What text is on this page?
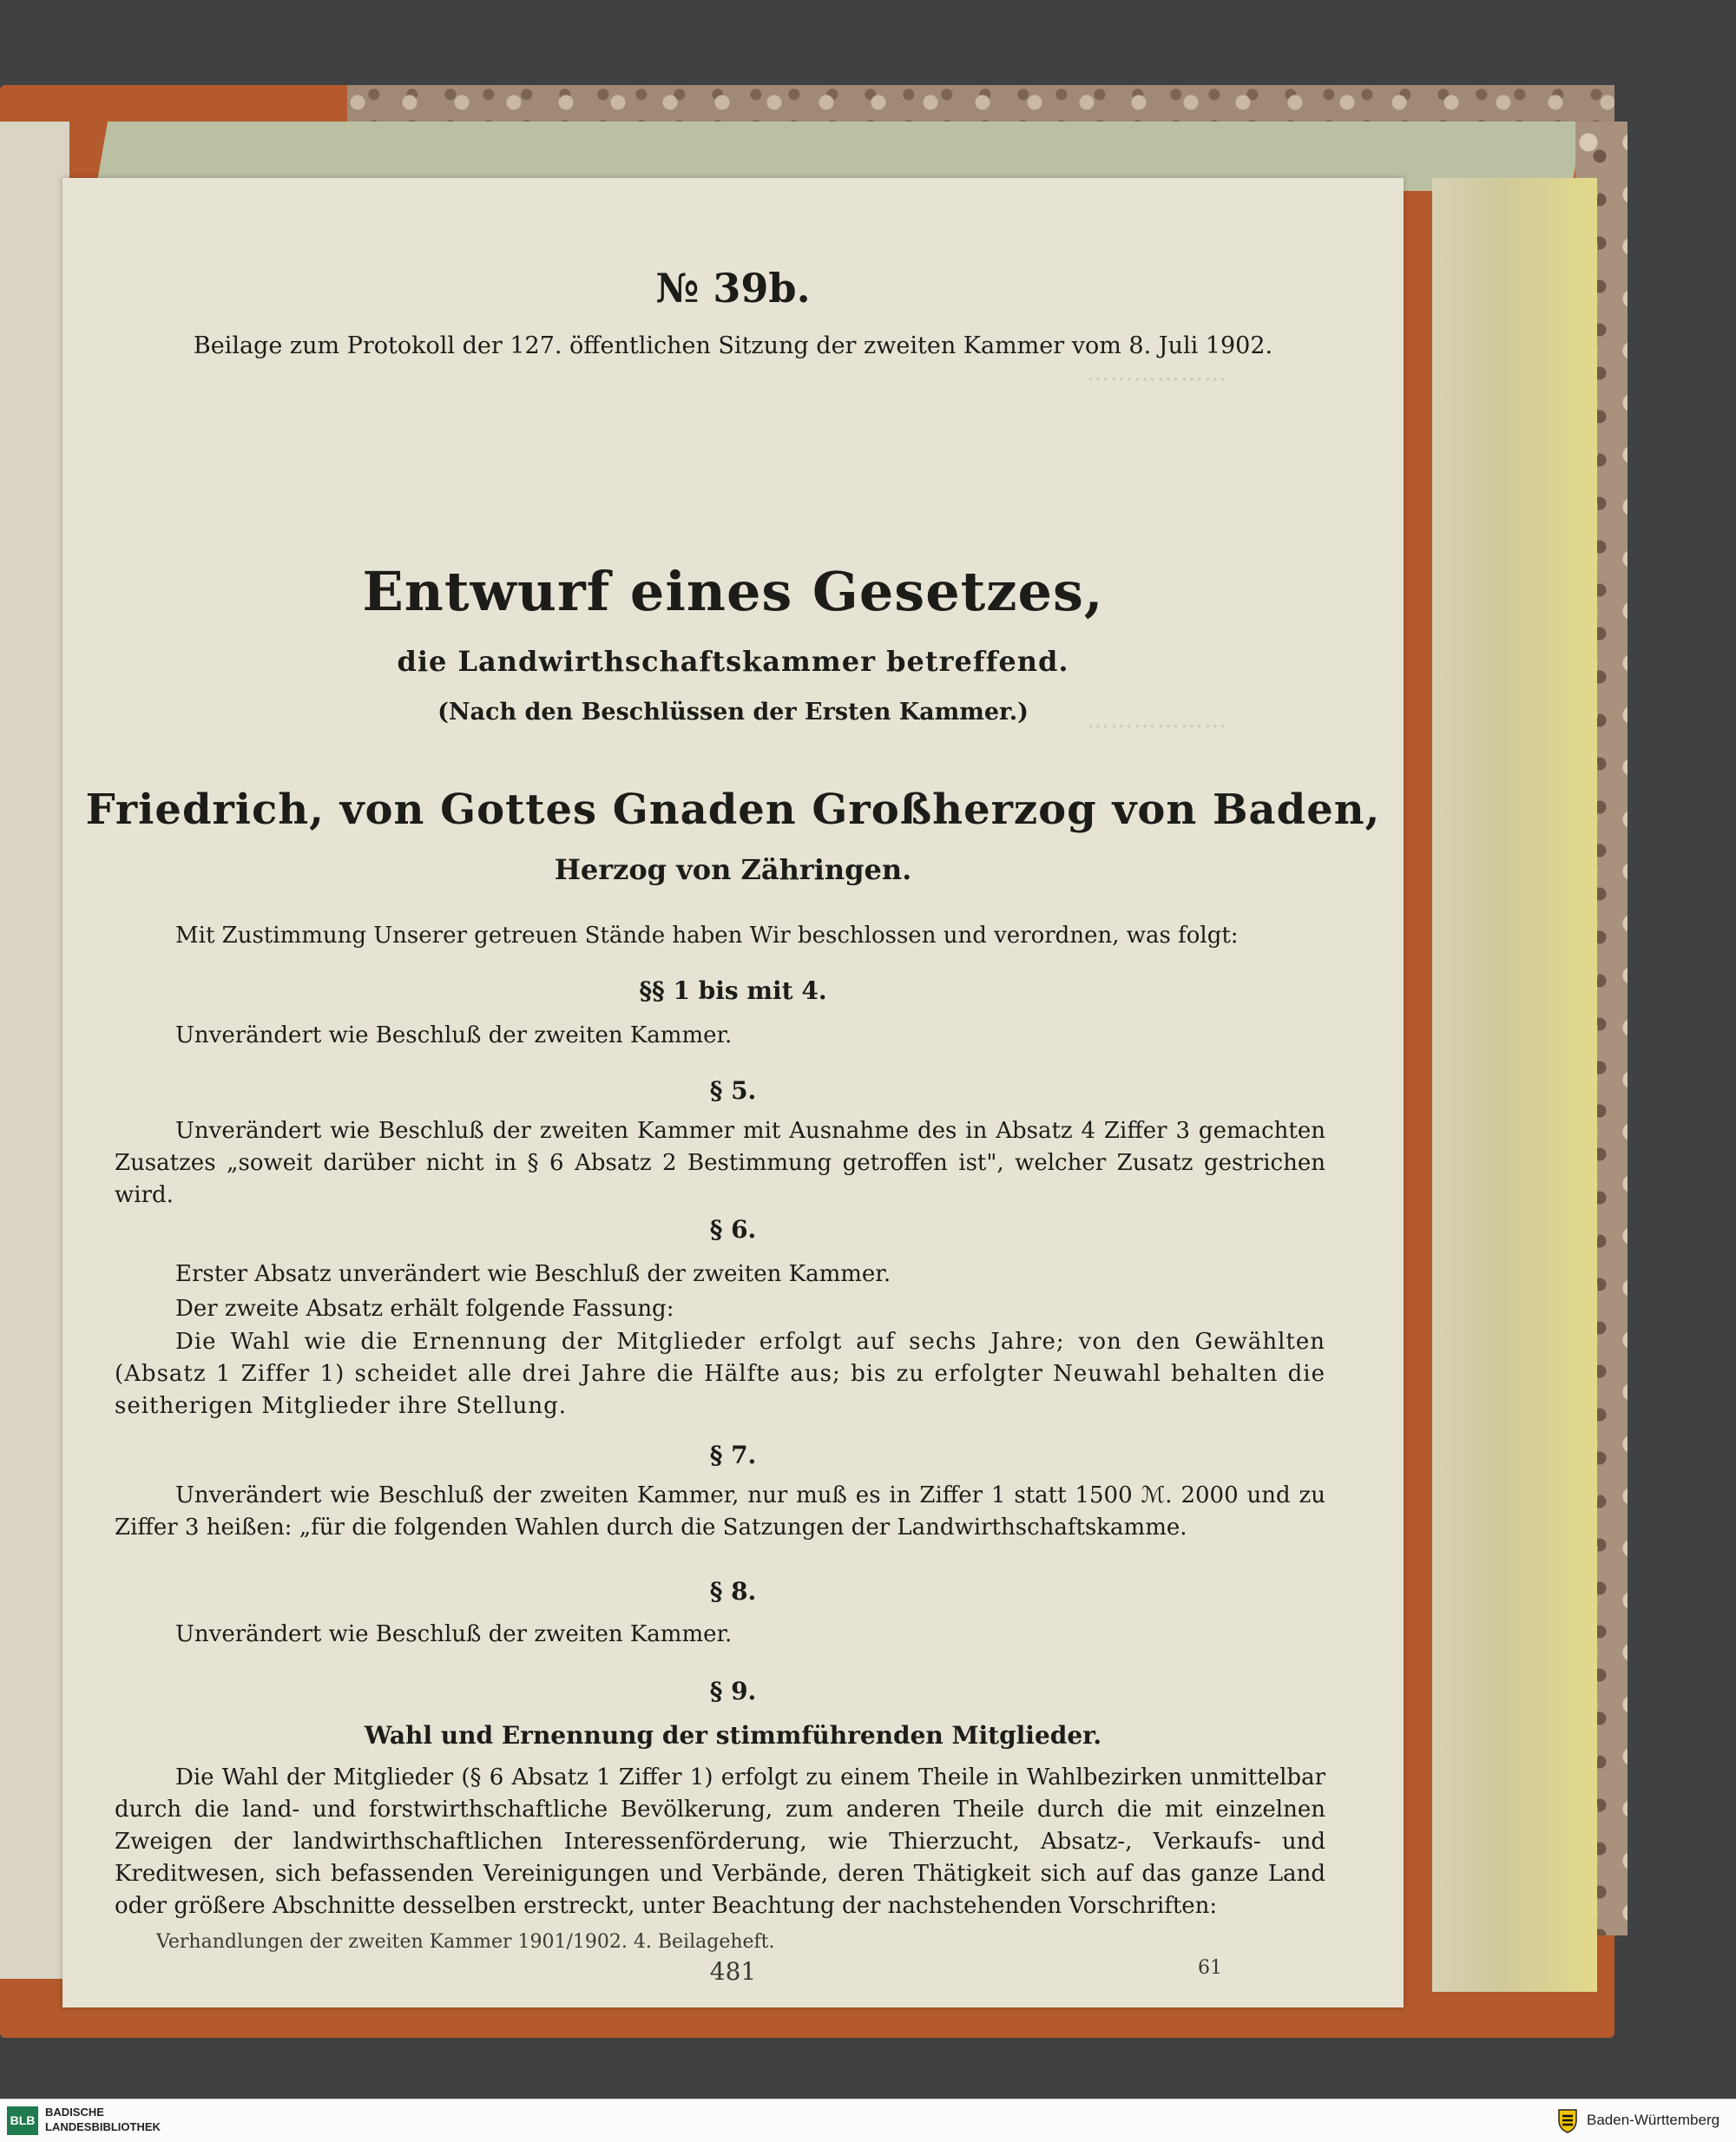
………………
………………
№ 39b.
Beilage zum Protokoll der 127. öffentlichen Sitzung der zweiten Kammer vom 8. Juli 1902.
Entwurf eines Gesetzes,
die Landwirthschaftskammer betreffend.
(Nach den Beschlüssen der Ersten Kammer.)
Friedrich, von Gottes Gnaden Großherzog von Baden,
Herzog von Zähringen.
Mit Zustimmung Unserer getreuen Stände haben Wir beschlossen und verordnen, was folgt:
§§ 1 bis mit 4.
Unverändert wie Beschluß der zweiten Kammer.
§ 5.
Unverändert wie Beschluß der zweiten Kammer mit Ausnahme des in Absatz 4 Ziffer 3 gemachten Zusatzes „soweit darüber nicht in § 6 Absatz 2 Bestimmung getroffen ist", welcher Zusatz gestrichen wird.
§ 6.
Erster Absatz unverändert wie Beschluß der zweiten Kammer.
Der zweite Absatz erhält folgende Fassung:
Die Wahl wie die Ernennung der Mitglieder erfolgt auf sechs Jahre; von den Gewählten (Absatz 1 Ziffer 1) scheidet alle drei Jahre die Hälfte aus; bis zu erfolgter Neuwahl behalten die seitherigen Mitglieder ihre Stellung.
§ 7.
Unverändert wie Beschluß der zweiten Kammer, nur muß es in Ziffer 1 statt 1500 ℳ. 2000 und zu Ziffer 3 heißen: „für die folgenden Wahlen durch die Satzungen der Landwirthschaftskamme.
§ 8.
Unverändert wie Beschluß der zweiten Kammer.
§ 9.
Wahl und Ernennung der stimmführenden Mitglieder.
Die Wahl der Mitglieder (§ 6 Absatz 1 Ziffer 1) erfolgt zu einem Theile in Wahlbezirken unmittelbar durch die land- und forstwirthschaftliche Bevölkerung, zum anderen Theile durch die mit einzelnen Zweigen der landwirthschaftlichen Interessenförderung, wie Thierzucht, Absatz-, Verkaufs- und Kreditwesen, sich befassenden Vereinigungen und Verbände, deren Thätigkeit sich auf das ganze Land oder größere Abschnitte desselben erstreckt, unter Beachtung der nachstehenden Vorschriften:
Verhandlungen der zweiten Kammer 1901/1902. 4. Beilageheft.
481	61
BLB
BADISCHE
LANDESBIBLIOTHEK	Baden-Württemberg
